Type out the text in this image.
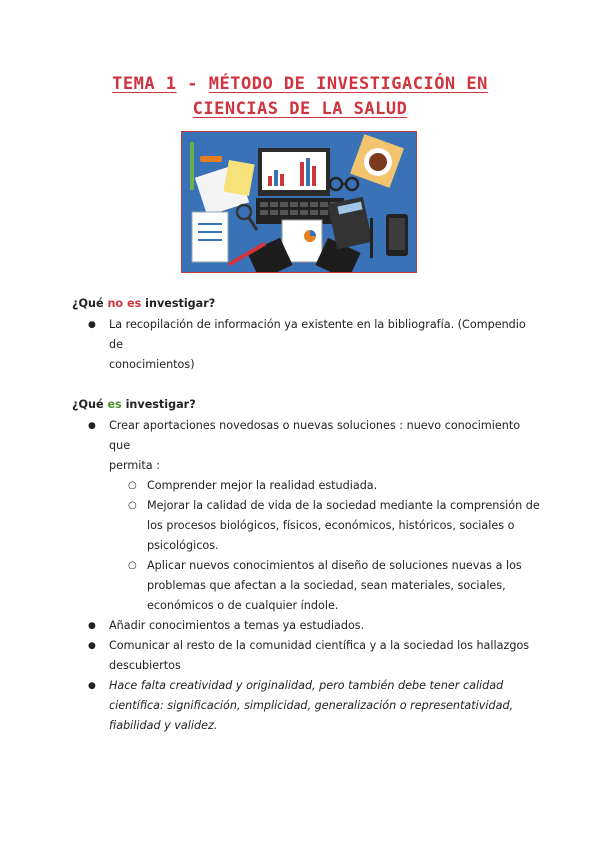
TEMA 1 - MÉTODO DE INVESTIGACIÓN EN
CIENCIAS DE LA SALUD
¿Qué no es investigar?
● La recopilación de información ya existente en la bibliografía. (Compendio de
conocimientos)
¿Qué es investigar?
● Crear aportaciones novedosas o nuevas soluciones : nuevo conocimiento que
permita :
○ Comprender mejor la realidad estudiada.
○ Mejorar la calidad de vida de la sociedad mediante la comprensión de
los procesos biológicos, físicos, económicos, históricos, sociales o
psicológicos.
○ Aplicar nuevos conocimientos al diseño de soluciones nuevas a los
problemas que afectan a la sociedad, sean materiales, sociales,
económicos o de cualquier índole.
● Añadir conocimientos a temas ya estudiados.
● Comunicar al resto de la comunidad científica y a la sociedad los hallazgos
descubiertos
● Hace falta creatividad y originalidad, pero también debe tener calidad
científica: significación, simplicidad, generalización o representatividad,
fiabilidad y validez.
